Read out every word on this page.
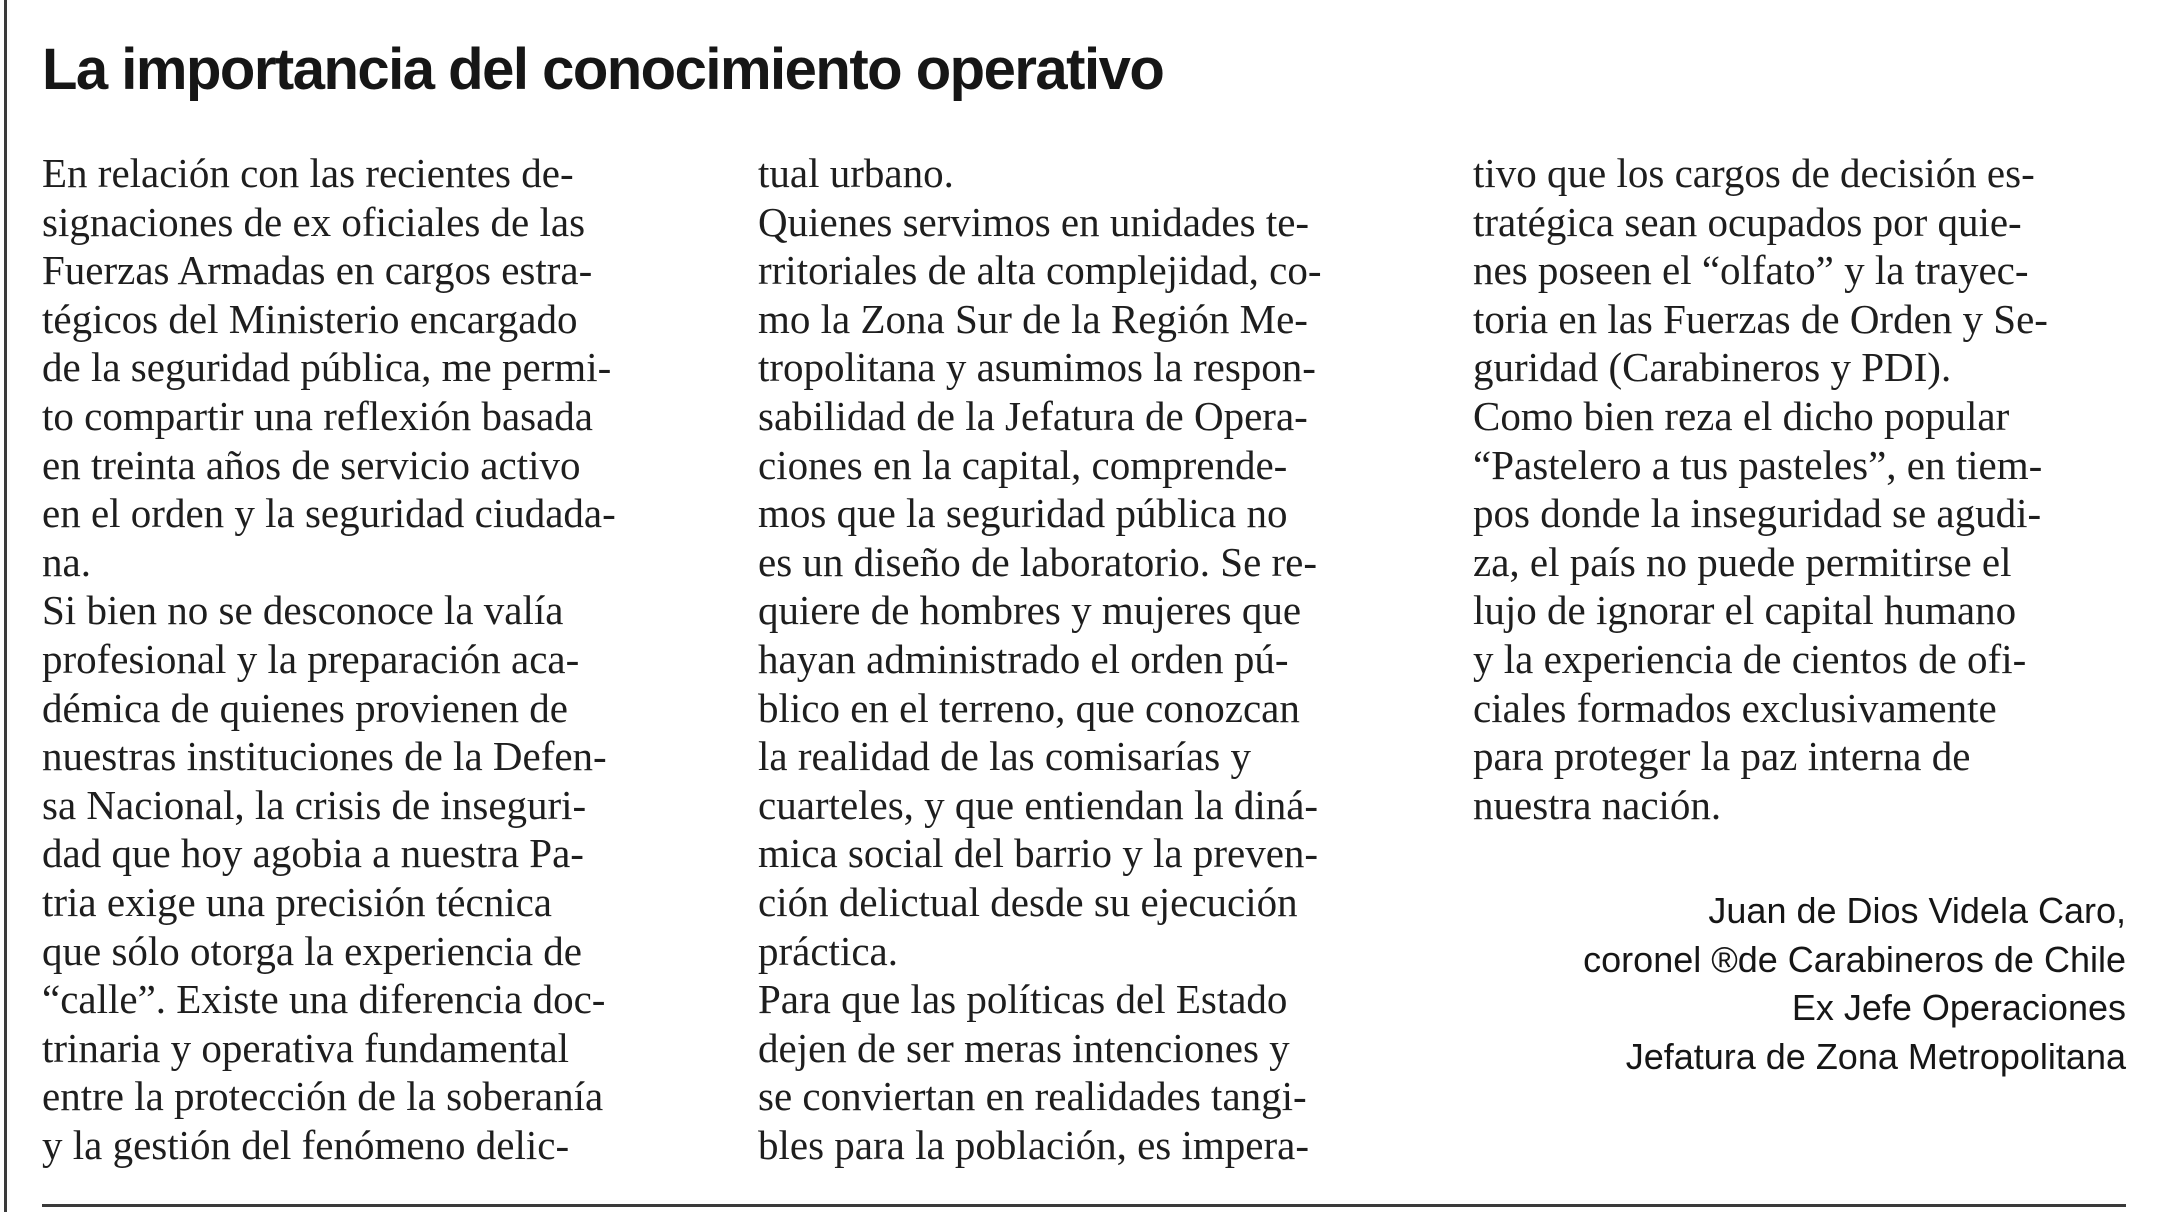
La importancia del conocimiento operativo
En relación con las recientes de-
signaciones de ex oficiales de las
Fuerzas Armadas en cargos estra-
tégicos del Ministerio encargado
de la seguridad pública, me permi-
to compartir una reflexión basada
en treinta años de servicio activo
en el orden y la seguridad ciudada-
na.
Si bien no se desconoce la valía
profesional y la preparación aca-
démica de quienes provienen de
nuestras instituciones de la Defen-
sa Nacional, la crisis de inseguri-
dad que hoy agobia a nuestra Pa-
tria exige una precisión técnica
que sólo otorga la experiencia de
“calle”. Existe una diferencia doc-
trinaria y operativa fundamental
entre la protección de la soberanía
y la gestión del fenómeno delic-
tual urbano.
Quienes servimos en unidades te-
rritoriales de alta complejidad, co-
mo la Zona Sur de la Región Me-
tropolitana y asumimos la respon-
sabilidad de la Jefatura de Opera-
ciones en la capital, comprende-
mos que la seguridad pública no
es un diseño de laboratorio. Se re-
quiere de hombres y mujeres que
hayan administrado el orden pú-
blico en el terreno, que conozcan
la realidad de las comisarías y
cuarteles, y que entiendan la diná-
mica social del barrio y la preven-
ción delictual desde su ejecución
práctica.
Para que las políticas del Estado
dejen de ser meras intenciones y
se conviertan en realidades tangi-
bles para la población, es impera-
tivo que los cargos de decisión es-
tratégica sean ocupados por quie-
nes poseen el “olfato” y la trayec-
toria en las Fuerzas de Orden y Se-
guridad (Carabineros y PDI).
Como bien reza el dicho popular
“Pastelero a tus pasteles”, en tiem-
pos donde la inseguridad se agudi-
za, el país no puede permitirse el
lujo de ignorar el capital humano
y la experiencia de cientos de ofi-
ciales formados exclusivamente
para proteger la paz interna de
nuestra nación.
Juan de Dios Videla Caro,
coronel ®de Carabineros de Chile
Ex Jefe Operaciones
Jefatura de Zona Metropolitana
